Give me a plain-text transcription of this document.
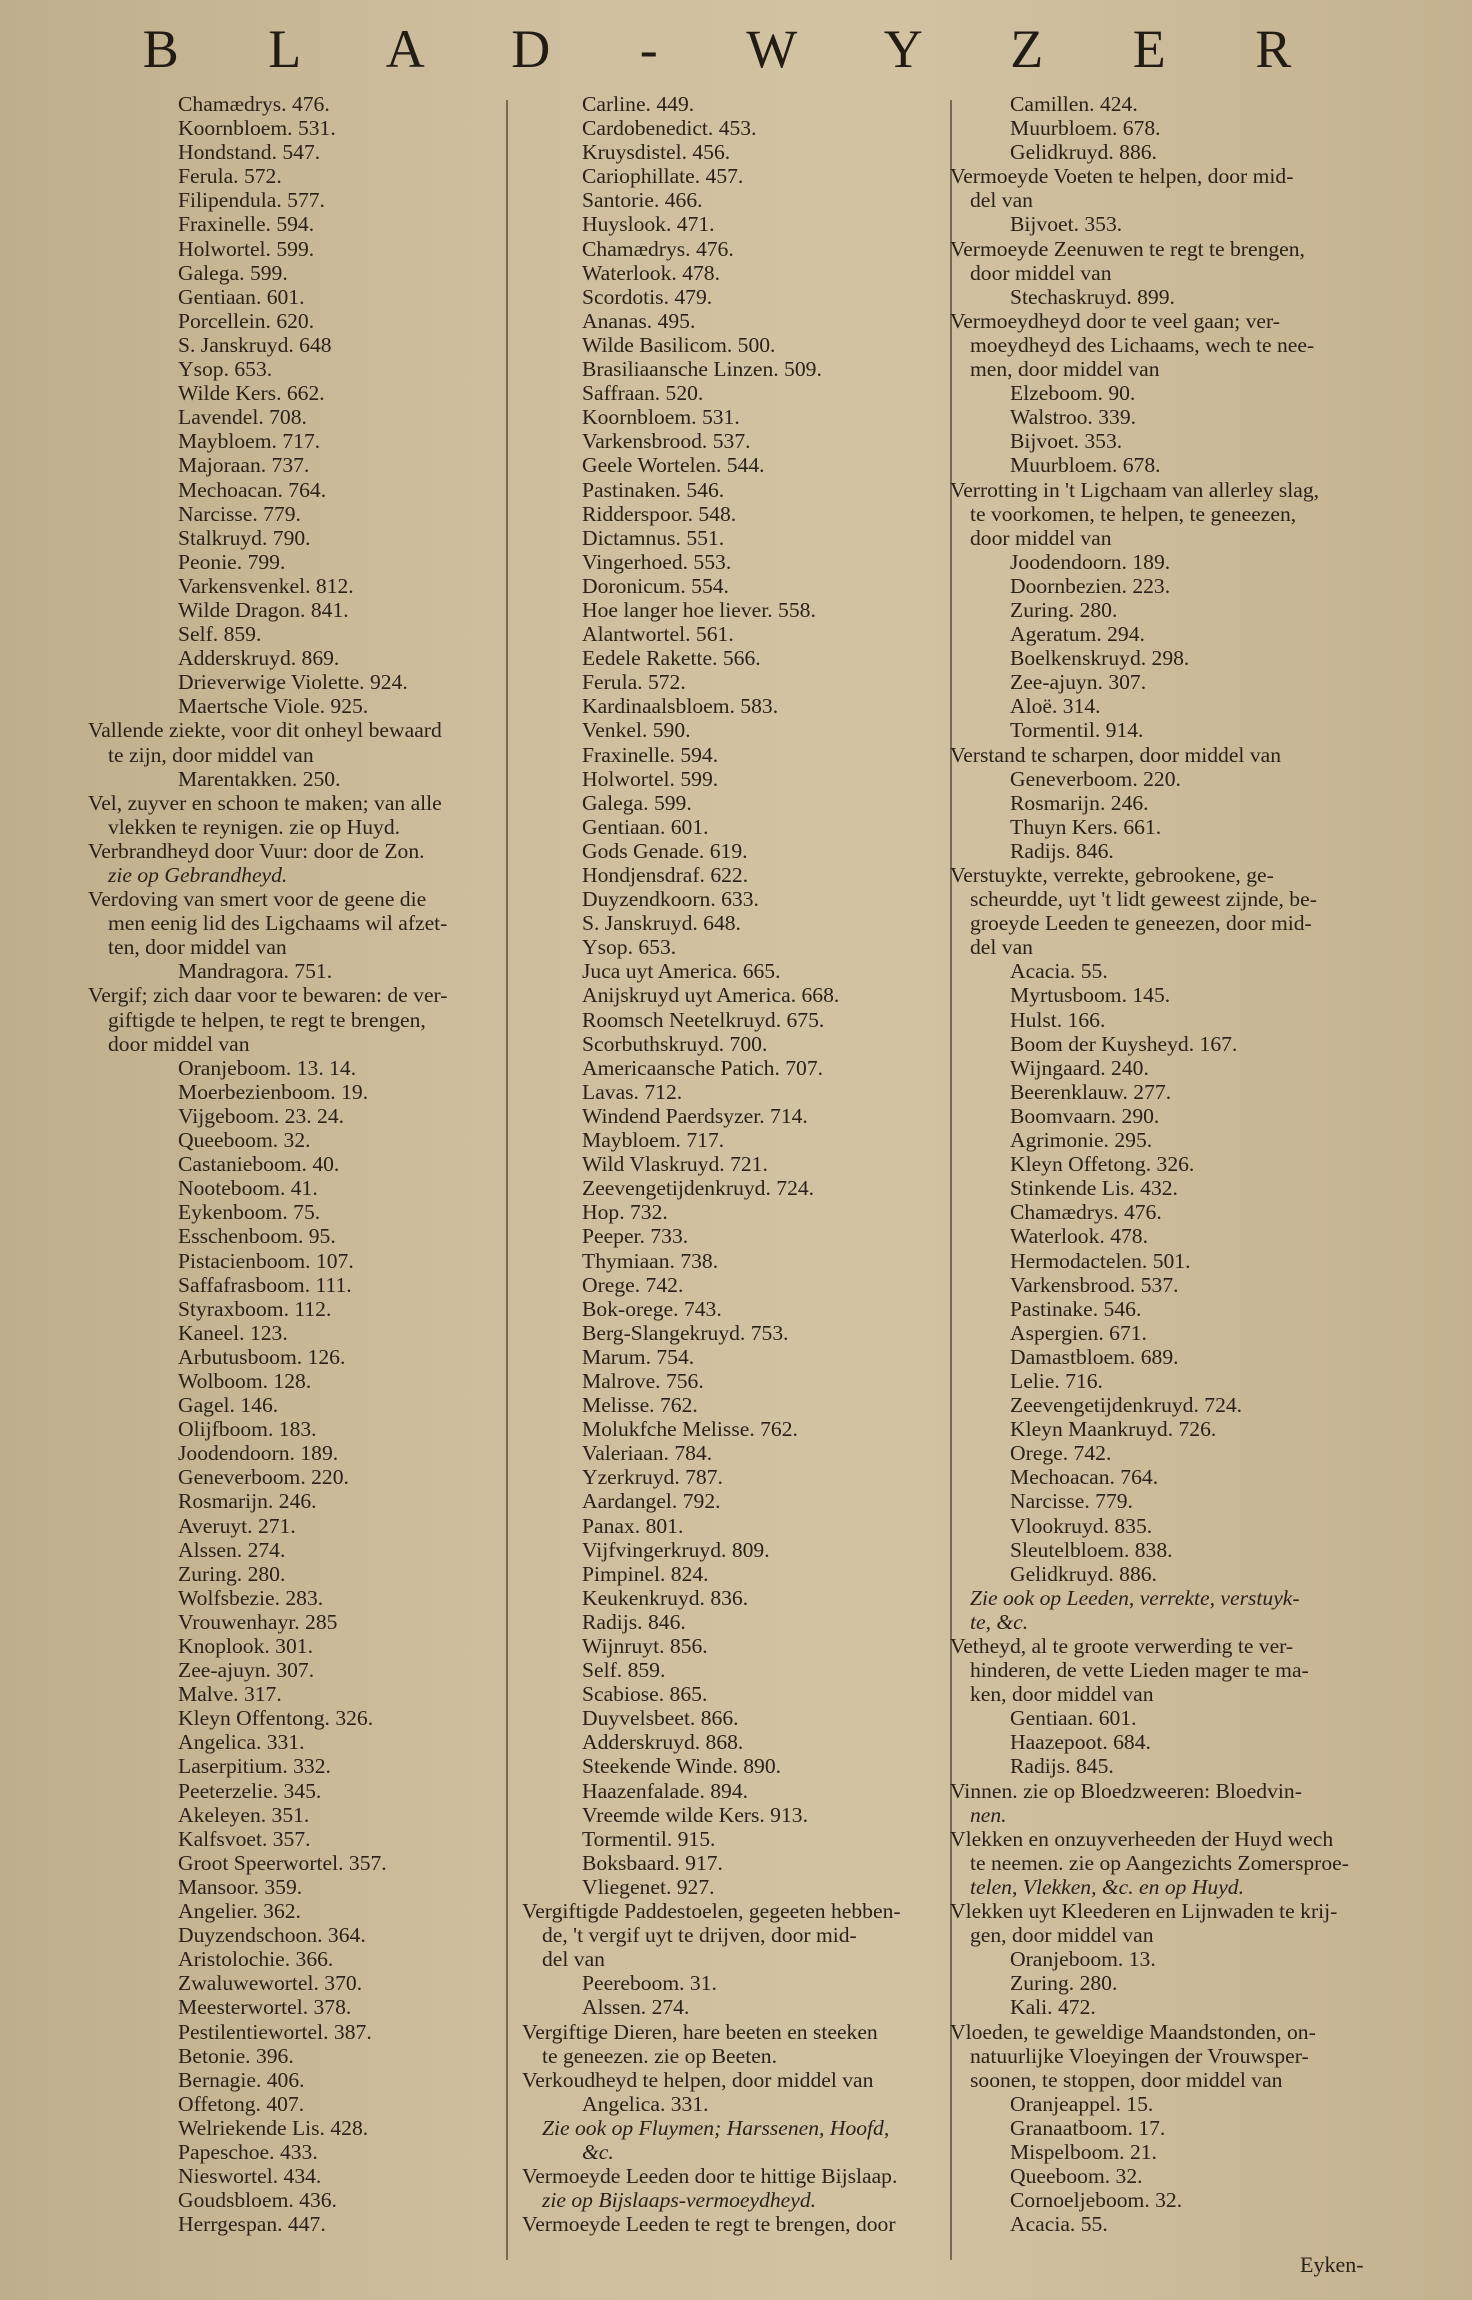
B L A D - W Y Z E R
Chamædrys. 476.
Koornbloem. 531.
Hondstand. 547.
Ferula. 572.
Filipendula. 577.
Fraxinelle. 594.
Holwortel. 599.
Galega. 599.
Gentiaan. 601.
Porcellein. 620.
S. Janskruyd. 648
Ysop. 653.
Wilde Kers. 662.
Lavendel. 708.
Maybloem. 717.
Majoraan. 737.
Mechoacan. 764.
Narcisse. 779.
Stalkruyd. 790.
Peonie. 799.
Varkensvenkel. 812.
Wilde Dragon. 841.
Self. 859.
Adderskruyd. 869.
Drieverwige Violette. 924.
Maertsche Viole. 925.
Vallende ziekte, voor dit onheyl bewaard
te zijn, door middel van
Marentakken. 250.
Vel, zuyver en schoon te maken; van alle
vlekken te reynigen. zie op Huyd.
Verbrandheyd door Vuur: door de Zon.
zie op Gebrandheyd.
Verdoving van smert voor de geene die
men eenig lid des Ligchaams wil afzet-
ten, door middel van
Mandragora. 751.
Vergif; zich daar voor te bewaren: de ver-
giftigde te helpen, te regt te brengen,
door middel van
Oranjeboom. 13. 14.
Moerbezienboom. 19.
Vijgeboom. 23. 24.
Queeboom. 32.
Castanieboom. 40.
Nooteboom. 41.
Eykenboom. 75.
Esschenboom. 95.
Pistacienboom. 107.
Saffafrasboom. 111.
Styraxboom. 112.
Kaneel. 123.
Arbutusboom. 126.
Wolboom. 128.
Gagel. 146.
Olijfboom. 183.
Joodendoorn. 189.
Geneverboom. 220.
Rosmarijn. 246.
Averuyt. 271.
Alssen. 274.
Zuring. 280.
Wolfsbezie. 283.
Vrouwenhayr. 285
Knoplook. 301.
Zee-ajuyn. 307.
Malve. 317.
Kleyn Offentong. 326.
Angelica. 331.
Laserpitium. 332.
Peeterzelie. 345.
Akeleyen. 351.
Kalfsvoet. 357.
Groot Speerwortel. 357.
Mansoor. 359.
Angelier. 362.
Duyzendschoon. 364.
Aristolochie. 366.
Zwaluwewortel. 370.
Meesterwortel. 378.
Pestilentiewortel. 387.
Betonie. 396.
Bernagie. 406.
Offetong. 407.
Welriekende Lis. 428.
Papeschoe. 433.
Nieswortel. 434.
Goudsbloem. 436.
Herrgespan. 447.
Carline. 449.
Cardobenedict. 453.
Kruysdistel. 456.
Cariophillate. 457.
Santorie. 466.
Huyslook. 471.
Chamædrys. 476.
Waterlook. 478.
Scordotis. 479.
Ananas. 495.
Wilde Basilicom. 500.
Brasiliaansche Linzen. 509.
Saffraan. 520.
Koornbloem. 531.
Varkensbrood. 537.
Geele Wortelen. 544.
Pastinaken. 546.
Ridderspoor. 548.
Dictamnus. 551.
Vingerhoed. 553.
Doronicum. 554.
Hoe langer hoe liever. 558.
Alantwortel. 561.
Eedele Rakette. 566.
Ferula. 572.
Kardinaalsbloem. 583.
Venkel. 590.
Fraxinelle. 594.
Holwortel. 599.
Galega. 599.
Gentiaan. 601.
Gods Genade. 619.
Hondjensdraf. 622.
Duyzendkoorn. 633.
S. Janskruyd. 648.
Ysop. 653.
Juca uyt America. 665.
Anijskruyd uyt America. 668.
Roomsch Neetelkruyd. 675.
Scorbuthskruyd. 700.
Americaansche Patich. 707.
Lavas. 712.
Windend Paerdsyzer. 714.
Maybloem. 717.
Wild Vlaskruyd. 721.
Zeevengetijdenkruyd. 724.
Hop. 732.
Peeper. 733.
Thymiaan. 738.
Orege. 742.
Bok-orege. 743.
Berg-Slangekruyd. 753.
Marum. 754.
Malrove. 756.
Melisse. 762.
Molukfche Melisse. 762.
Valeriaan. 784.
Yzerkruyd. 787.
Aardangel. 792.
Panax. 801.
Vijfvingerkruyd. 809.
Pimpinel. 824.
Keukenkruyd. 836.
Radijs. 846.
Wijnruyt. 856.
Self. 859.
Scabiose. 865.
Duyvelsbeet. 866.
Adderskruyd. 868.
Steekende Winde. 890.
Haazenfalade. 894.
Vreemde wilde Kers. 913.
Tormentil. 915.
Boksbaard. 917.
Vliegenet. 927.
Vergiftigde Paddestoelen, gegeeten hebben-
de, 't vergif uyt te drijven, door mid-
del van
Peereboom. 31.
Alssen. 274.
Vergiftige Dieren, hare beeten en steeken
te geneezen. zie op Beeten.
Verkoudheyd te helpen, door middel van
Angelica. 331.
Zie ook op Fluymen; Harssenen, Hoofd,
&c.
Vermoeyde Leeden door te hittige Bijslaap.
zie op Bijslaaps-vermoeydheyd.
Vermoeyde Leeden te regt te brengen, door
Camillen. 424.
Muurbloem. 678.
Gelidkruyd. 886.
Vermoeyde Voeten te helpen, door mid-
del van
Bijvoet. 353.
Vermoeyde Zeenuwen te regt te brengen,
door middel van
Stechaskruyd. 899.
Vermoeydheyd door te veel gaan; ver-
moeydheyd des Lichaams, wech te nee-
men, door middel van
Elzeboom. 90.
Walstroo. 339.
Bijvoet. 353.
Muurbloem. 678.
Verrotting in 't Ligchaam van allerley slag,
te voorkomen, te helpen, te geneezen,
door middel van
Joodendoorn. 189.
Doornbezien. 223.
Zuring. 280.
Ageratum. 294.
Boelkenskruyd. 298.
Zee-ajuyn. 307.
Aloë. 314.
Tormentil. 914.
Verstand te scharpen, door middel van
Geneverboom. 220.
Rosmarijn. 246.
Thuyn Kers. 661.
Radijs. 846.
Verstuykte, verrekte, gebrookene, ge-
scheurdde, uyt 't lidt geweest zijnde, be-
groeyde Leeden te geneezen, door mid-
del van
Acacia. 55.
Myrtusboom. 145.
Hulst. 166.
Boom der Kuysheyd. 167.
Wijngaard. 240.
Beerenklauw. 277.
Boomvaarn. 290.
Agrimonie. 295.
Kleyn Offetong. 326.
Stinkende Lis. 432.
Chamædrys. 476.
Waterlook. 478.
Hermodactelen. 501.
Varkensbrood. 537.
Pastinake. 546.
Aspergien. 671.
Damastbloem. 689.
Lelie. 716.
Zeevengetijdenkruyd. 724.
Kleyn Maankruyd. 726.
Orege. 742.
Mechoacan. 764.
Narcisse. 779.
Vlookruyd. 835.
Sleutelbloem. 838.
Gelidkruyd. 886.
Zie ook op Leeden, verrekte, verstuyk-
te, &c.
Vetheyd, al te groote verwerding te ver-
hinderen, de vette Lieden mager te ma-
ken, door middel van
Gentiaan. 601.
Haazepoot. 684.
Radijs. 845.
Vinnen. zie op Bloedzweeren: Bloedvin-
nen.
Vlekken en onzuyverheeden der Huyd wech
te neemen. zie op Aangezichts Zomersproe-
telen, Vlekken, &c. en op Huyd.
Vlekken uyt Kleederen en Lijnwaden te krij-
gen, door middel van
Oranjeboom. 13.
Zuring. 280.
Kali. 472.
Vloeden, te geweldige Maandstonden, on-
natuurlijke Vloeyingen der Vrouwsper-
soonen, te stoppen, door middel van
Oranjeappel. 15.
Granaatboom. 17.
Mispelboom. 21.
Queeboom. 32.
Cornoeljeboom. 32.
Acacia. 55.
Eyken-
